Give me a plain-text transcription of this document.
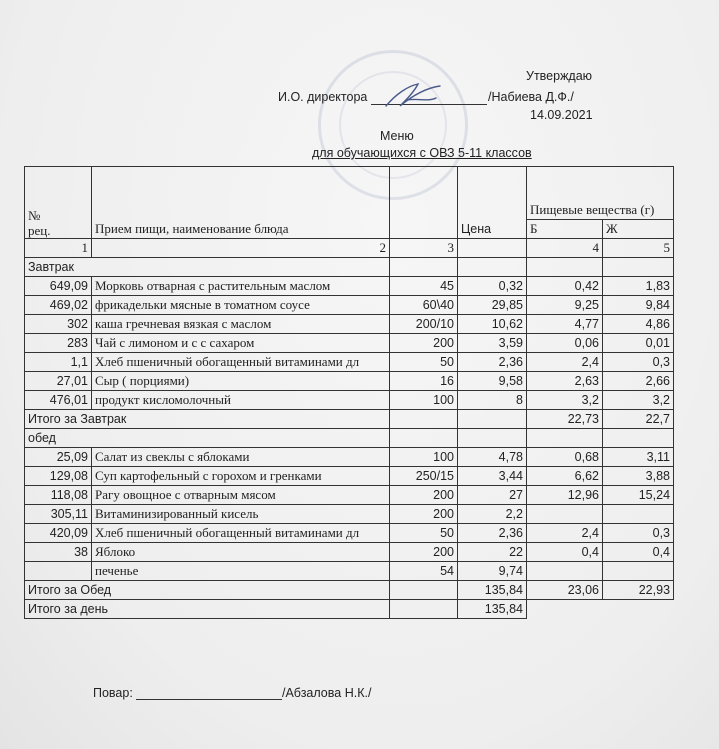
Утверждаю
И.О. директора	/Набиева Д.Ф./
14.09.2021
Меню
для обучающихся с ОВЗ 5-11 классов
№
рец.	Прием пищи, наименование блюда		Цена	Пищевые вещества (г)	
				Б	Ж
1	2	3		4	5
Завтрак					
649,09	Морковь отварная с растительным маслом	45	0,32	0,42	1,83
469,02	фрикадельки мясные в томатном соусе	60\40	29,85	9,25	9,84
302	каша гречневая вязкая с маслом	200/10	10,62	4,77	4,86
283	Чай с лимоном и с с сахаром	200	3,59	0,06	0,01
1,1	Хлеб пшеничный обогащенный витаминами дл	50	2,36	2,4	0,3
27,01	Сыр ( порциями)	16	9,58	2,63	2,66
476,01	продукт кисломолочный	100	8	3,2	3,2
Итого за Завтрак				22,73	22,7
обед					
25,09	Салат из свеклы с яблоками	100	4,78	0,68	3,11
129,08	Суп картофельный с горохом и гренками	250/15	3,44	6,62	3,88
118,08	Рагу овощное с отварным мясом	200	27	12,96	15,24
305,11	Витаминизированный кисель	200	2,2		
420,09	Хлеб пшеничный обогащенный витаминами дл	50	2,36	2,4	0,3
38	Яблоко	200	22	0,4	0,4
	печенье	54	9,74		
Итого за Обед			135,84	23,06	22,93
Итого за день			135,84		
Повар:	/Абзалова Н.К./
